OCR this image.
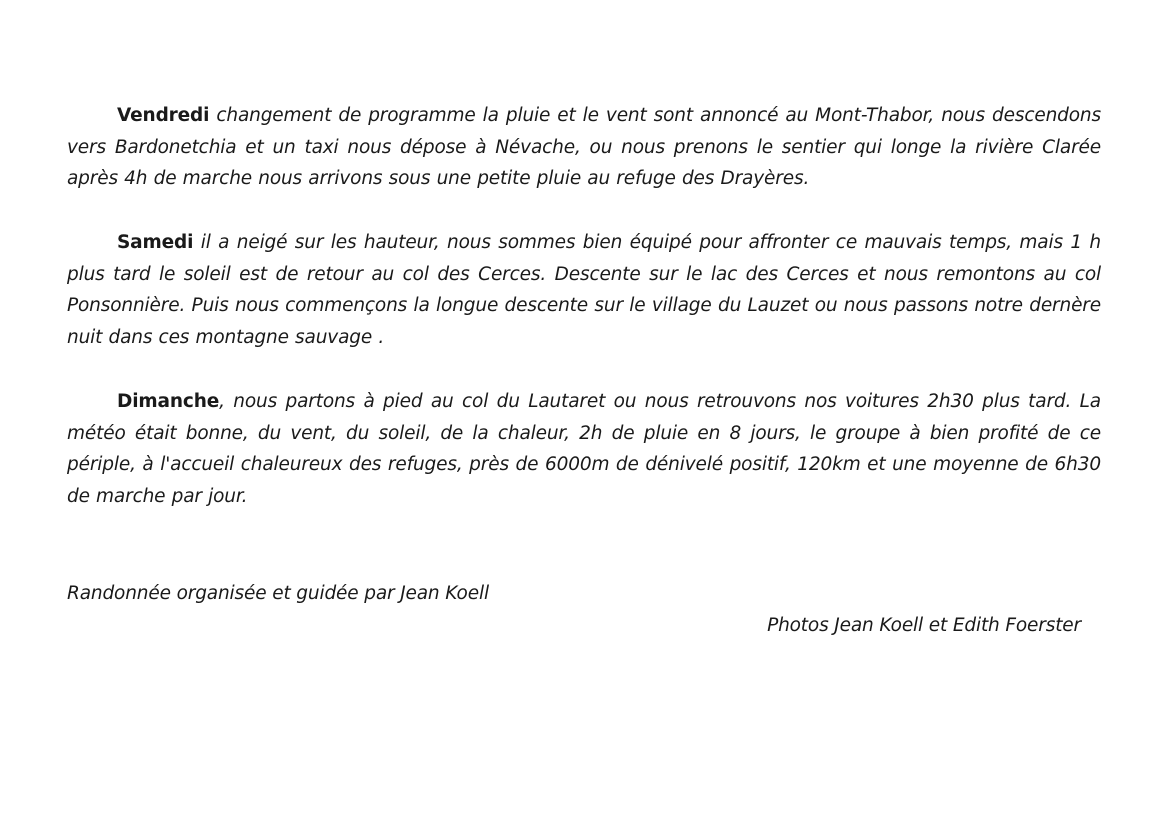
Vendredi changement de programme la pluie et le vent sont annoncé au Mont-Thabor, nous descendons vers Bardonetchia et un taxi nous dépose à Névache, ou nous prenons le sentier qui longe la rivière Clarée après 4h de marche nous arrivons sous une petite pluie au refuge des Drayères.

Samedi il a neigé sur les hauteur, nous sommes bien équipé pour affronter ce mauvais temps, mais 1 h plus tard le soleil est de retour au col des Cerces. Descente sur le lac des Cerces et nous remontons au col Ponsonnière. Puis nous commençons la longue descente sur le village du Lauzet ou nous passons notre dernère nuit dans ces montagne sauvage .

Dimanche, nous partons à pied au col du Lautaret ou nous retrouvons nos voitures 2h30 plus tard. La météo était bonne, du vent, du soleil, de la chaleur, 2h de pluie en 8 jours, le groupe à bien profité de ce périple, à l'accueil chaleureux des refuges, près de 6000m de dénivelé positif, 120km et une moyenne de 6h30 de marche par jour.

Randonnée organisée et guidée par Jean Koell
Photos Jean Koell et Edith Foerster
